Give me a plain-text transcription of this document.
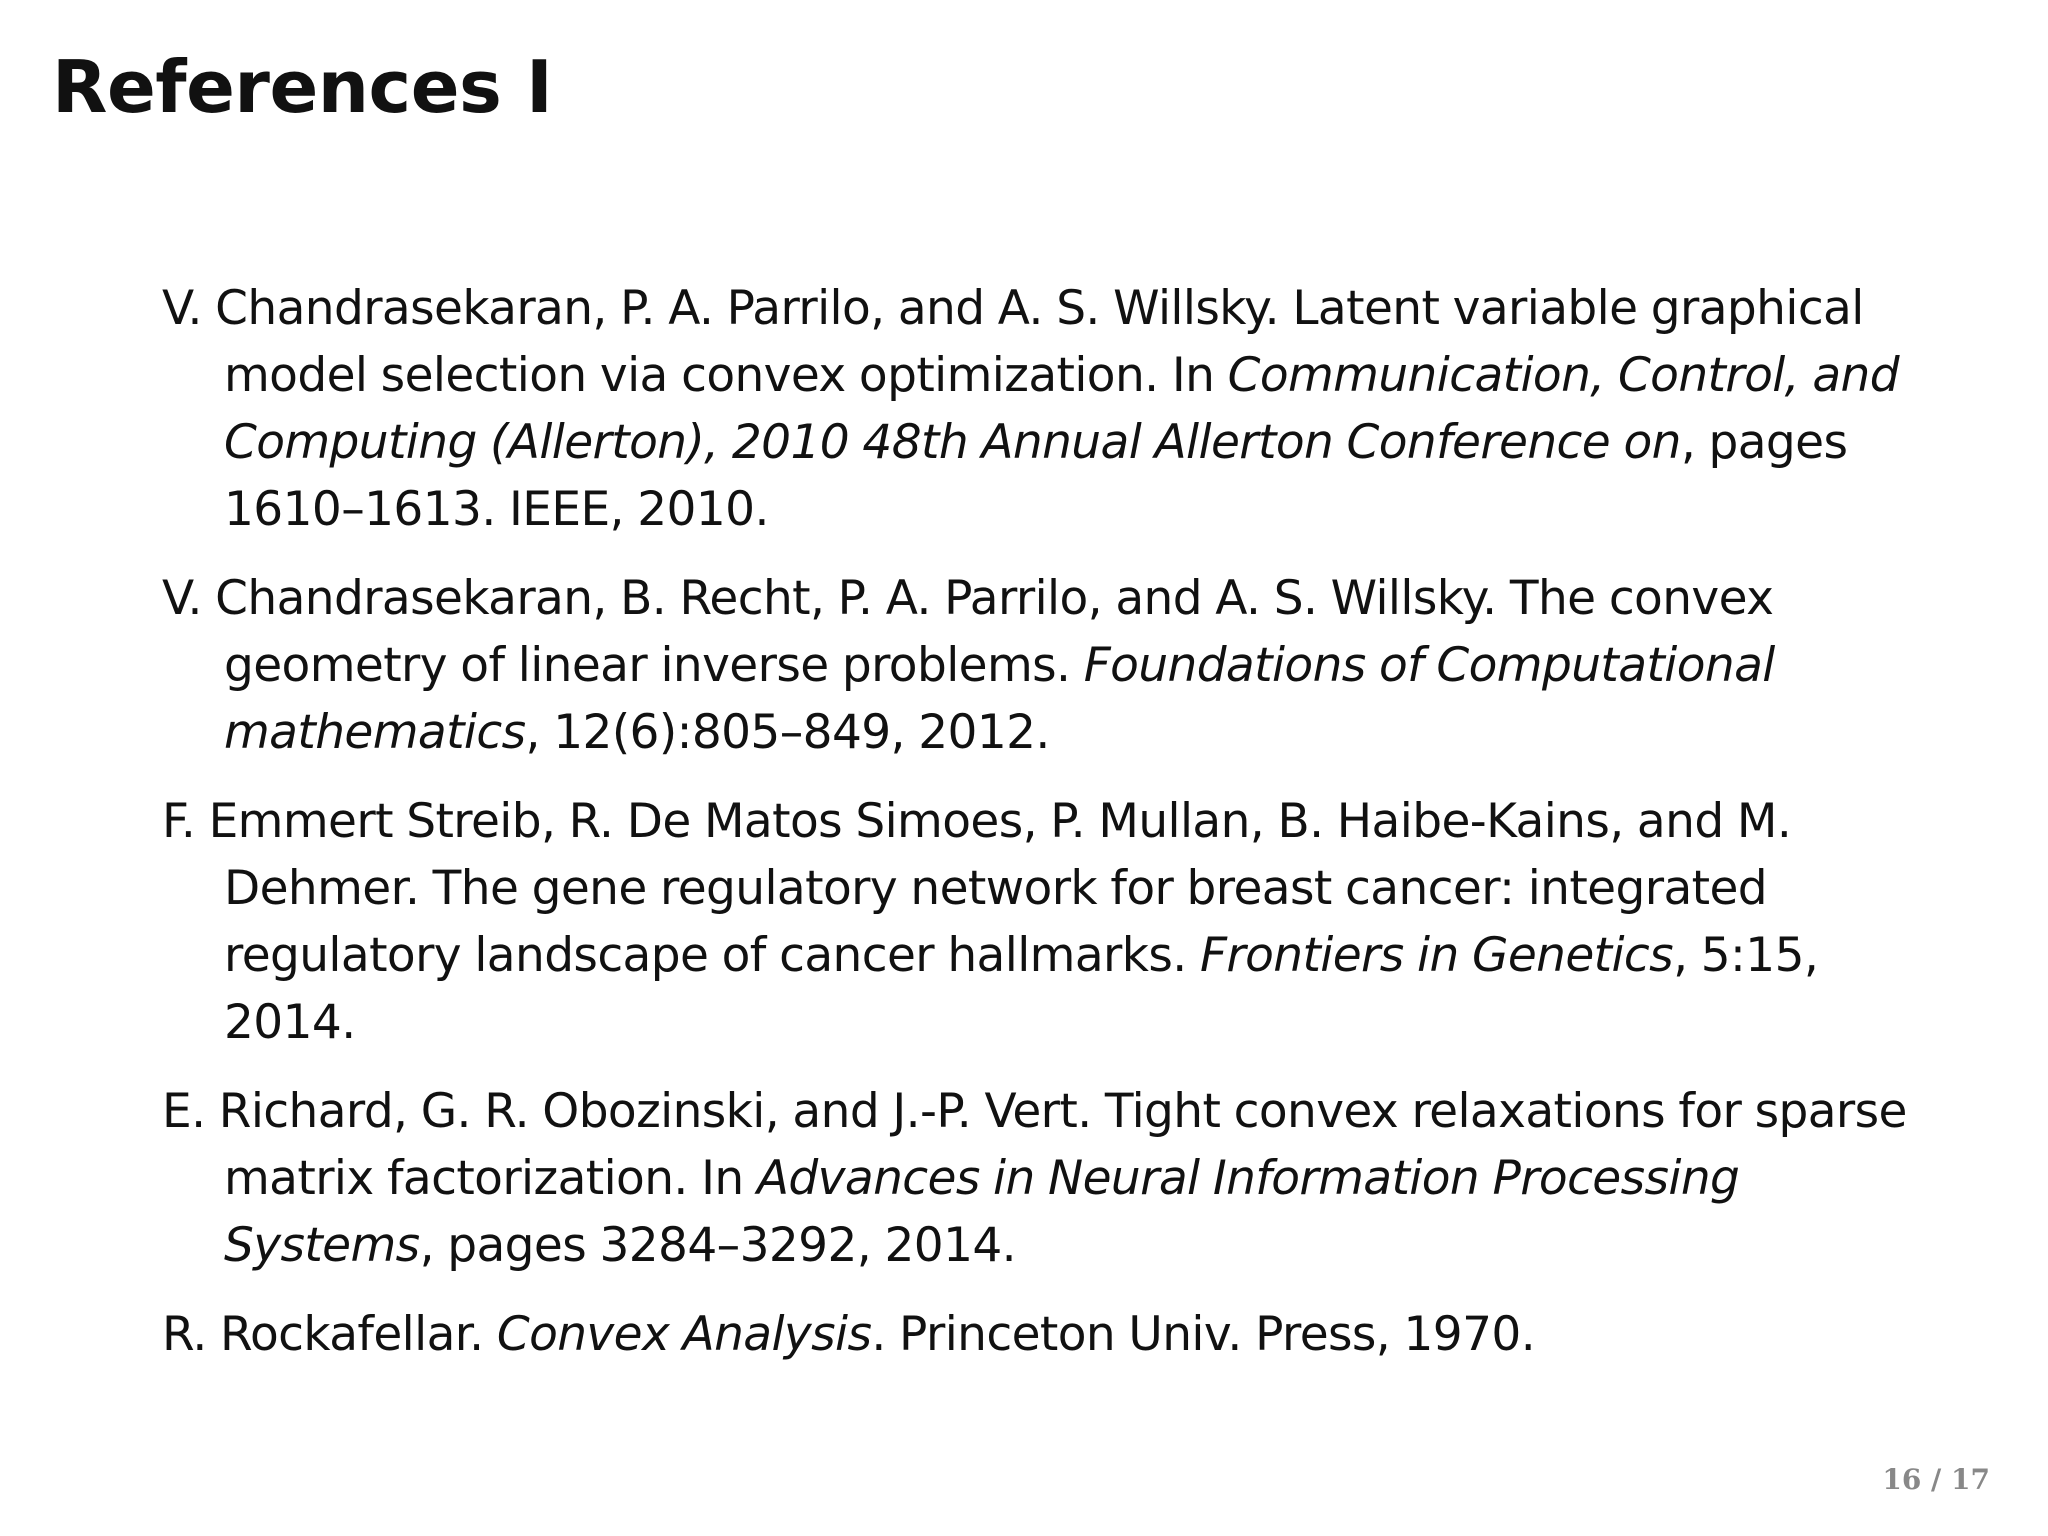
References I
V. Chandrasekaran, P. A. Parrilo, and A. S. Willsky. Latent variable graphical model selection via convex optimization. In Communication, Control, and Computing (Allerton), 2010 48th Annual Allerton Conference on, pages 1610–1613. IEEE, 2010.
V. Chandrasekaran, B. Recht, P. A. Parrilo, and A. S. Willsky. The convex geometry of linear inverse problems. Foundations of Computational mathematics, 12(6):805–849, 2012.
F. Emmert Streib, R. De Matos Simoes, P. Mullan, B. Haibe-Kains, and M. Dehmer. The gene regulatory network for breast cancer: integrated regulatory landscape of cancer hallmarks. Frontiers in Genetics, 5:15, 2014.
E. Richard, G. R. Obozinski, and J.-P. Vert. Tight convex relaxations for sparse matrix factorization. In Advances in Neural Information Processing Systems, pages 3284–3292, 2014.
R. Rockafellar. Convex Analysis. Princeton Univ. Press, 1970.
16 / 17
